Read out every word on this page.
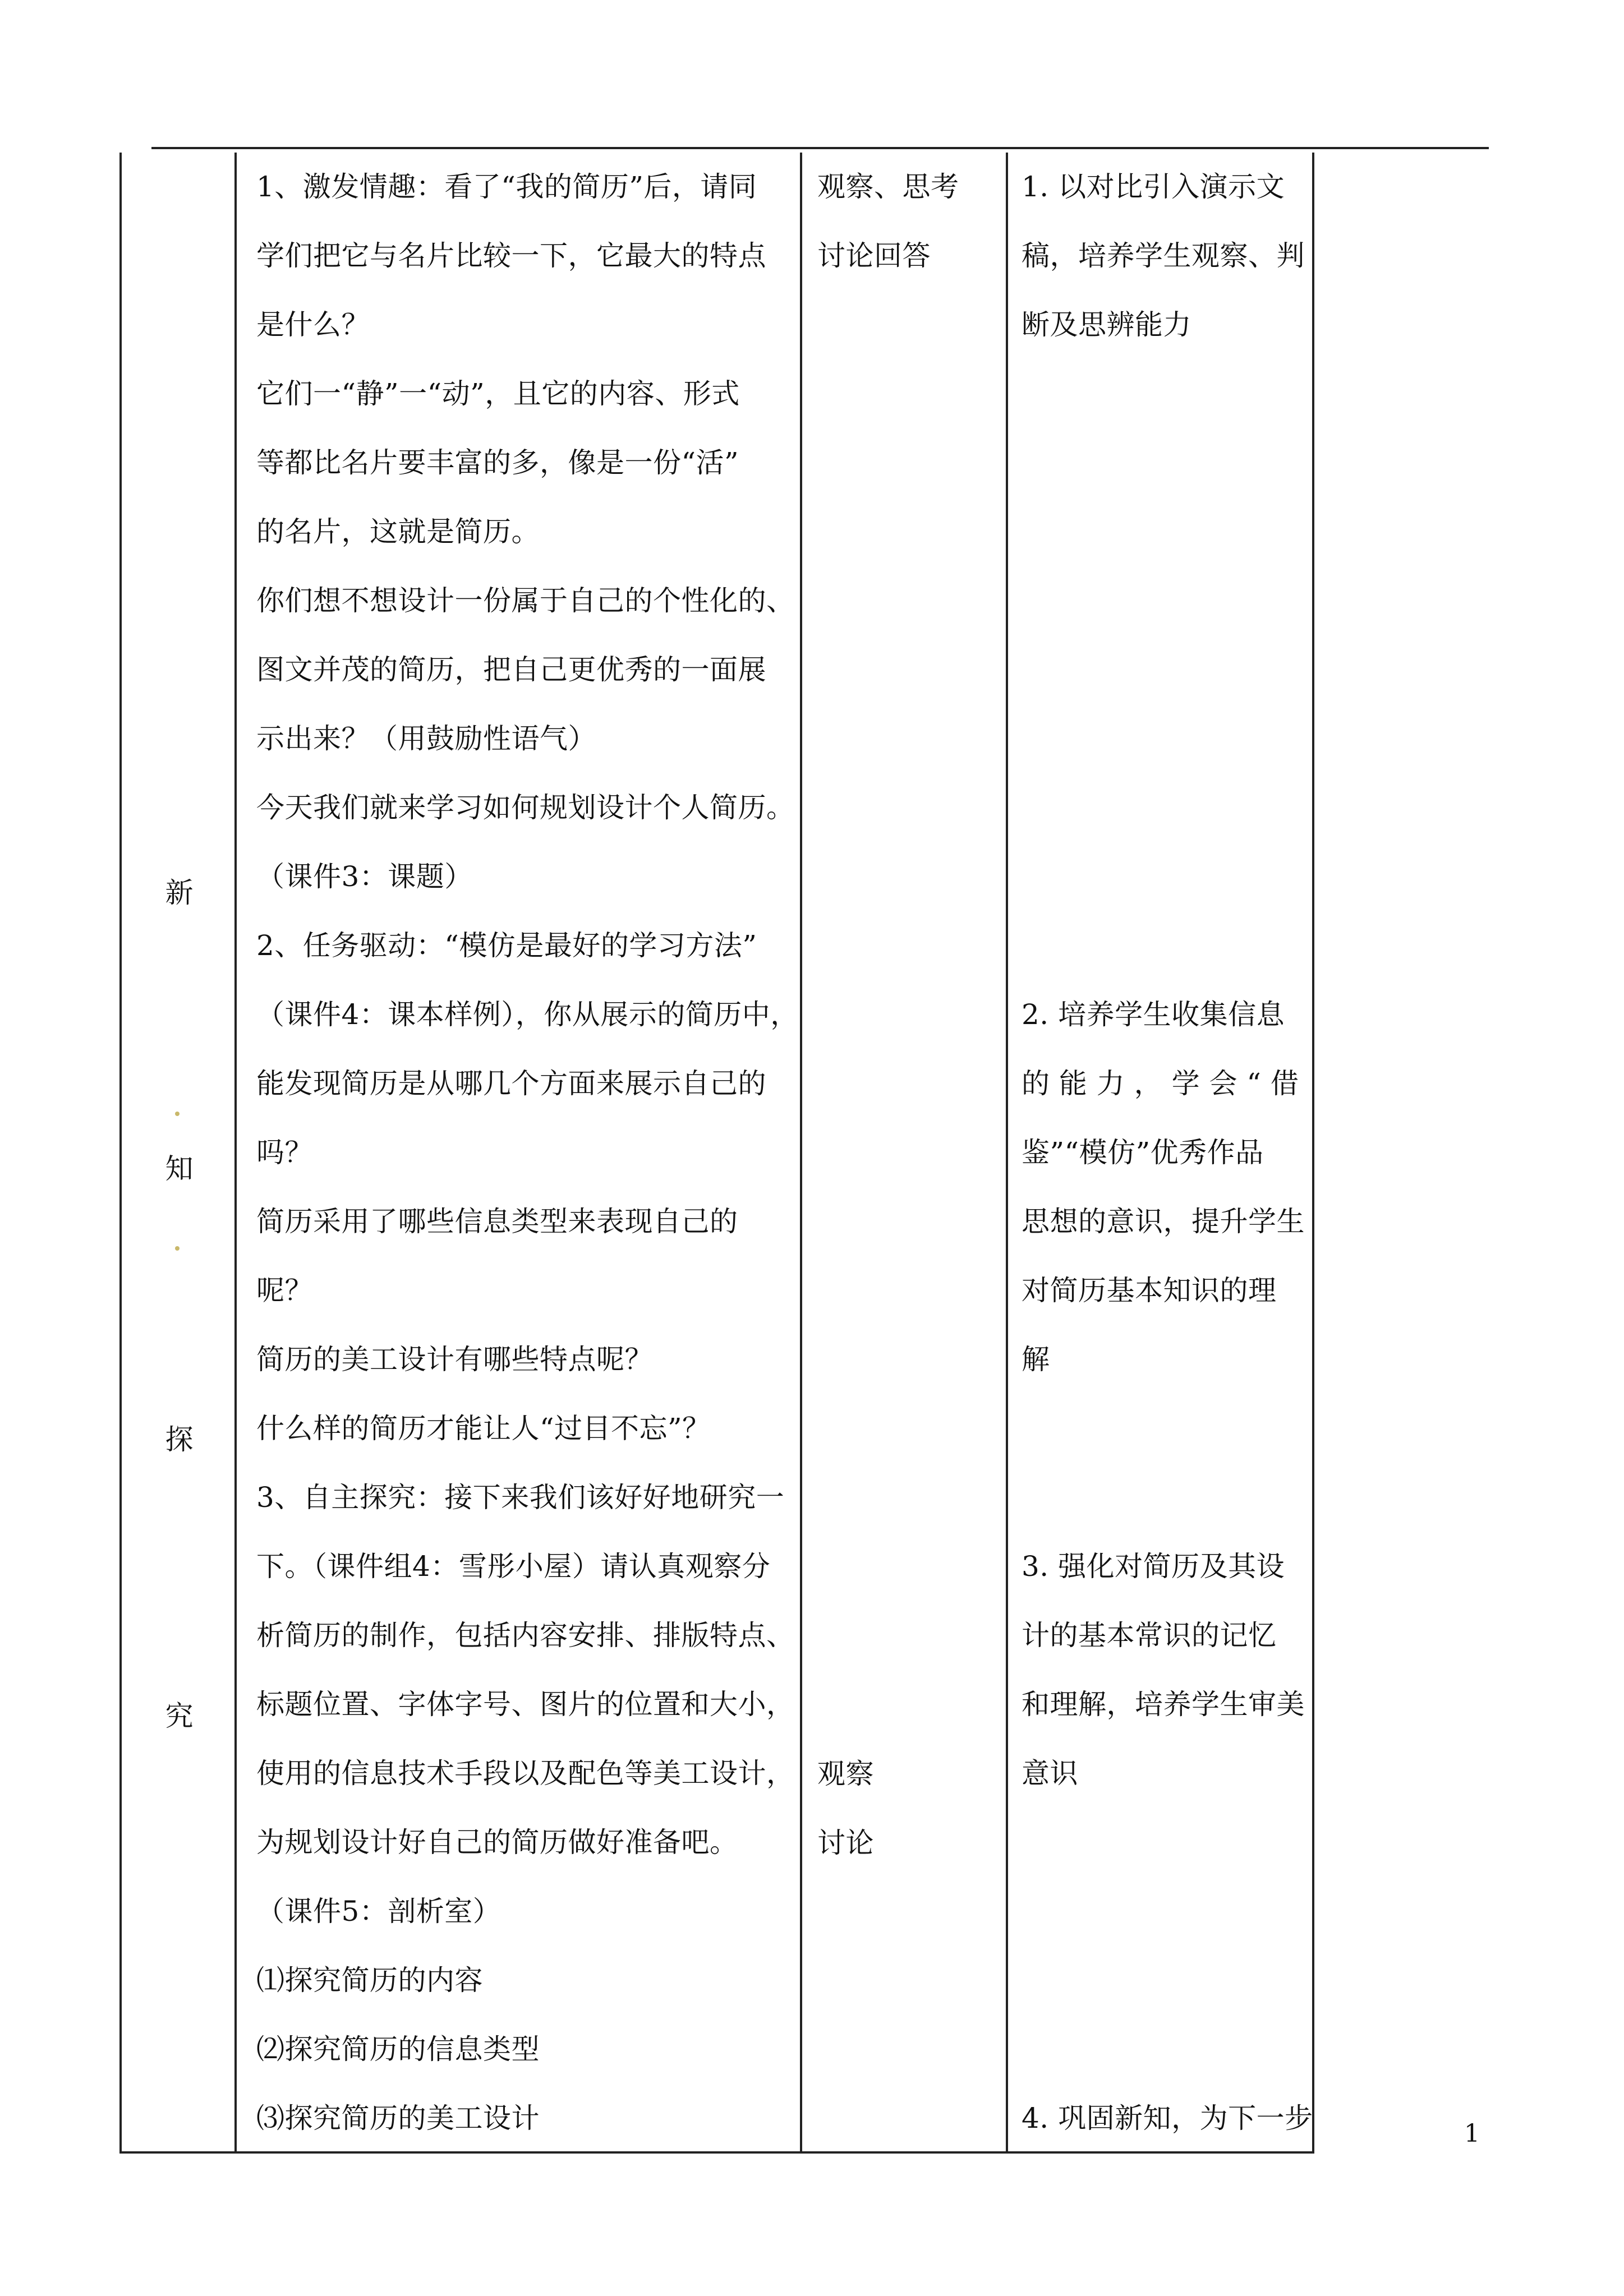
新
知
探
究
1、激发情趣：看了“我的简历”后，请同
学们把它与名片比较一下，它最大的特点
是什么？
它们一“静”一“动”，且它的内容、形式
等都比名片要丰富的多，像是一份“活”
的名片，这就是简历。
你们想不想设计一份属于自己的个性化的、
图文并茂的简历，把自己更优秀的一面展
示出来？（用鼓励性语气）
今天我们就来学习如何规划设计个人简历。
（课件3：课题）
2、任务驱动：“模仿是最好的学习方法”
（课件4：课本样例），你从展示的简历中，
能发现简历是从哪几个方面来展示自己的
吗？
简历采用了哪些信息类型来表现自己的
呢？
简历的美工设计有哪些特点呢？
什么样的简历才能让人“过目不忘”？
3、自主探究：接下来我们该好好地研究一
下。（课件组4：雪彤小屋）请认真观察分
析简历的制作，包括内容安排、排版特点、
标题位置、字体字号、图片的位置和大小，
使用的信息技术手段以及配色等美工设计，
为规划设计好自己的简历做好准备吧。
（课件5：剖析室）
⑴探究简历的内容
⑵探究简历的信息类型
⑶探究简历的美工设计
观察、思考
讨论回答
观察
讨论
1. 以对比引入演示文
稿，培养学生观察、判
断及思辨能力
2. 培养学生收集信息
的 能 力 ， 学 会 “ 借
鉴”“模仿”优秀作品
思想的意识，提升学生
对简历基本知识的理
解
3. 强化对简历及其设
计的基本常识的记忆
和理解，培养学生审美
意识
4. 巩固新知，为下一步	1
